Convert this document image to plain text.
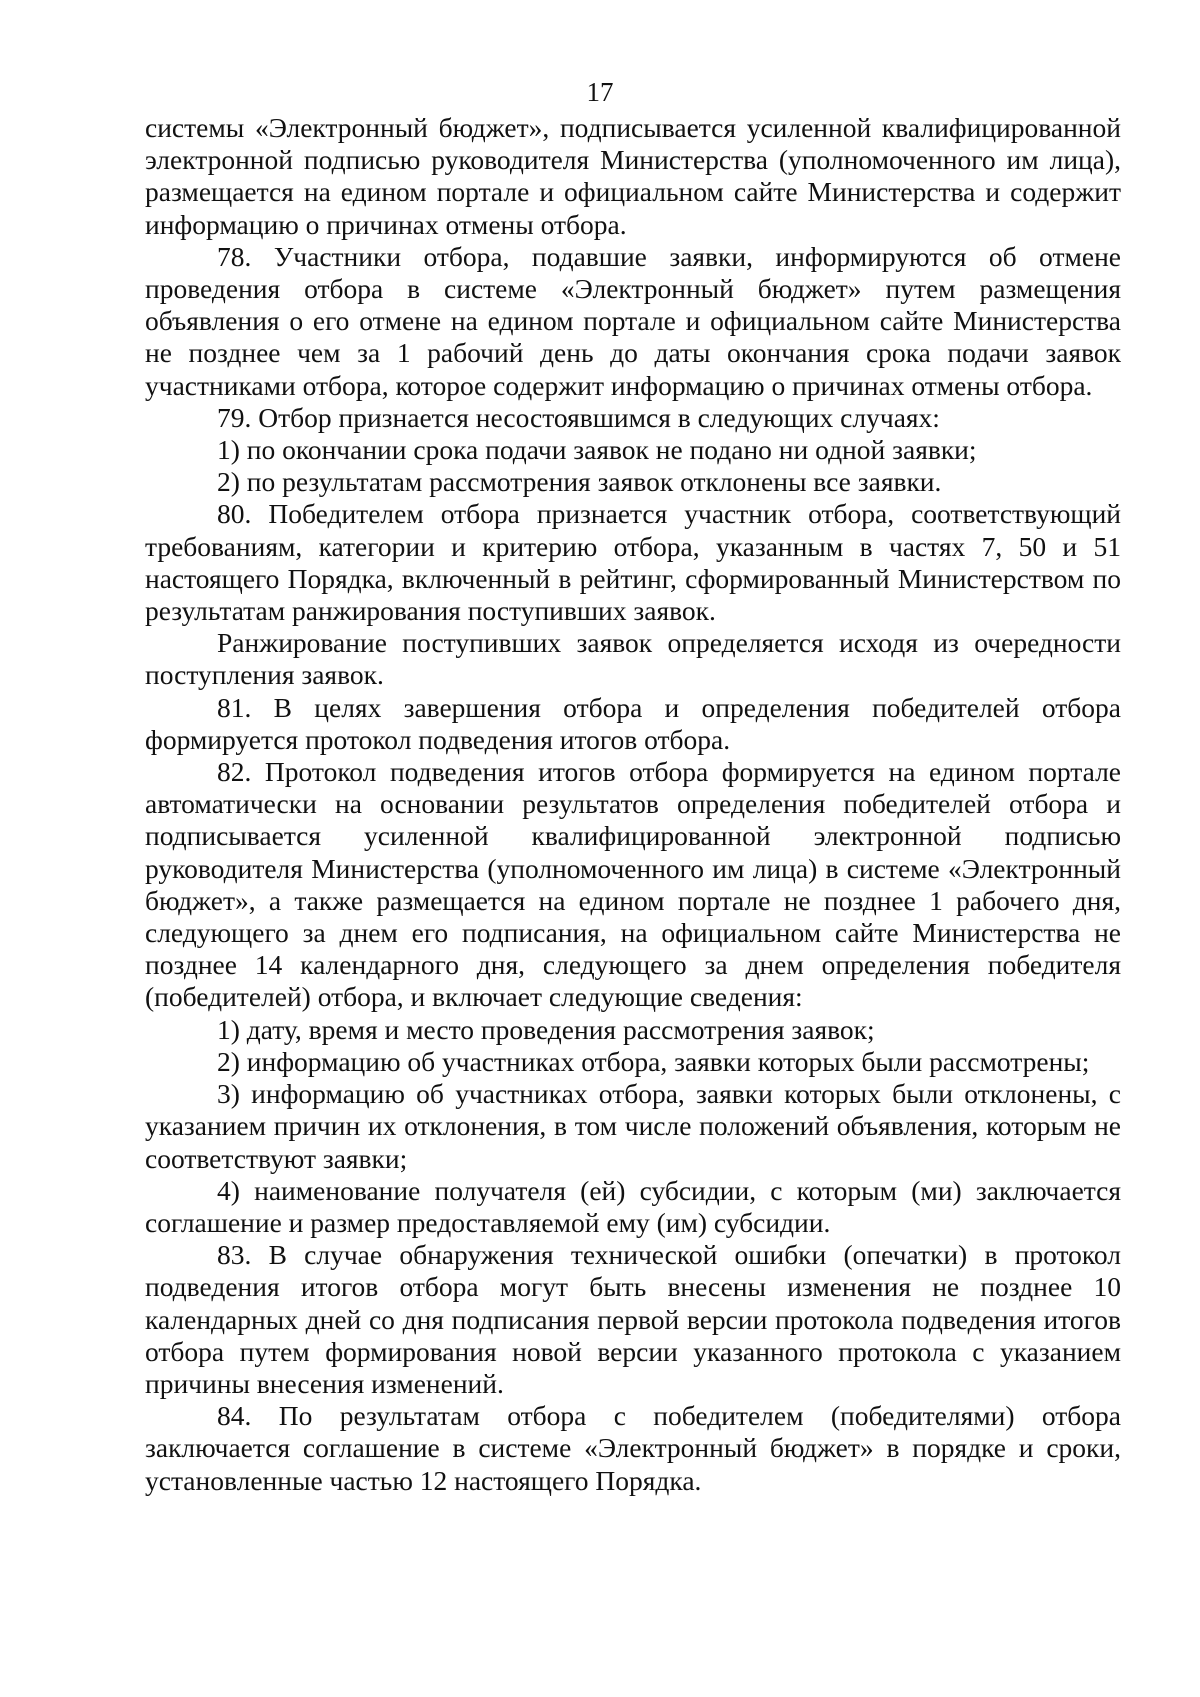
17

системы «Электронный бюджет», подписывается усиленной квалифицированной электронной подписью руководителя Министерства (уполномоченного им лица), размещается на едином портале и официальном сайте Министерства и содержит информацию о причинах отмены отбора.

78. Участники отбора, подавшие заявки, информируются об отмене проведения отбора в системе «Электронный бюджет» путем размещения объявления о его отмене на едином портале и официальном сайте Министерства не позднее чем за 1 рабочий день до даты окончания срока подачи заявок участниками отбора, которое содержит информацию о причинах отмены отбора.

79. Отбор признается несостоявшимся в следующих случаях:

1) по окончании срока подачи заявок не подано ни одной заявки;

2) по результатам рассмотрения заявок отклонены все заявки.

80. Победителем отбора признается участник отбора, соответствующий требованиям, категории и критерию отбора, указанным в частях 7, 50 и 51 настоящего Порядка, включенный в рейтинг, сформированный Министерством по результатам ранжирования поступивших заявок.

Ранжирование поступивших заявок определяется исходя из очередности поступления заявок.

81. В целях завершения отбора и определения победителей отбора формируется протокол подведения итогов отбора.

82. Протокол подведения итогов отбора формируется на едином портале автоматически на основании результатов определения победителей отбора и подписывается усиленной квалифицированной электронной подписью руководителя Министерства (уполномоченного им лица) в системе «Электронный бюджет», а также размещается на едином портале не позднее 1 рабочего дня, следующего за днем его подписания, на официальном сайте Министерства не позднее 14 календарного дня, следующего за днем определения победителя (победителей) отбора, и включает следующие сведения:

1) дату, время и место проведения рассмотрения заявок;

2) информацию об участниках отбора, заявки которых были рассмотрены;

3) информацию об участниках отбора, заявки которых были отклонены, с указанием причин их отклонения, в том числе положений объявления, которым не соответствуют заявки;

4) наименование получателя (ей) субсидии, с которым (ми) заключается соглашение и размер предоставляемой ему (им) субсидии.

83. В случае обнаружения технической ошибки (опечатки) в протокол подведения итогов отбора могут быть внесены изменения не позднее 10 календарных дней со дня подписания первой версии протокола подведения итогов отбора путем формирования новой версии указанного протокола с указанием причины внесения изменений.

84. По результатам отбора с победителем (победителями) отбора заключается соглашение в системе «Электронный бюджет» в порядке и сроки, установленные частью 12 настоящего Порядка.
